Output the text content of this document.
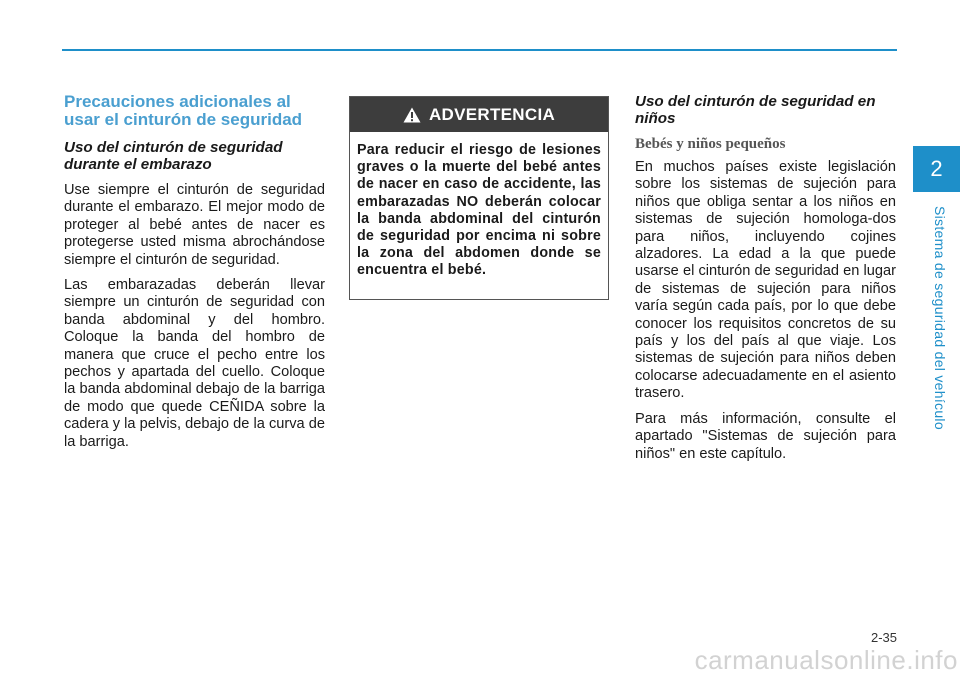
2
Sistema de seguridad del vehículo
Precauciones adicionales al usar el cinturón de seguridad
Uso del cinturón de seguridad durante el embarazo

Use siempre el cinturón de seguridad durante el embarazo. El mejor modo de proteger al bebé antes de nacer es protegerse usted misma abrochándose siempre el cinturón de seguridad.

Las embarazadas deberán llevar siempre un cinturón de seguridad con banda abdominal y del hombro. Coloque la banda del hombro de manera que cruce el pecho entre los pechos y apartada del cuello. Coloque la banda abdominal debajo de la barriga de modo que quede CEÑIDA sobre la cadera y la pelvis, debajo de la curva de la barriga.

ADVERTENCIA
Para reducir el riesgo de lesiones graves o la muerte del bebé antes de nacer en caso de accidente, las embarazadas NO deberán colocar la banda abdominal del cinturón de seguridad por encima ni sobre la zona del abdomen donde se encuentra el bebé.
Uso del cinturón de seguridad en niños
Bebés y niños pequeños

En muchos países existe legislación sobre los sistemas de sujeción para niños que obliga sentar a los niños en sistemas de sujeción homologa-dos para niños, incluyendo cojines alzadores. La edad a la que puede usarse el cinturón de seguridad en lugar de sistemas de sujeción para niños varía según cada país, por lo que debe conocer los requisitos concretos de su país y los del país al que viaje. Los sistemas de sujeción para niños deben colocarse adecuadamente en el asiento trasero.

Para más información, consulte el apartado "Sistemas de sujeción para niños" en este capítulo.

2-35
carmanualsonline.info
